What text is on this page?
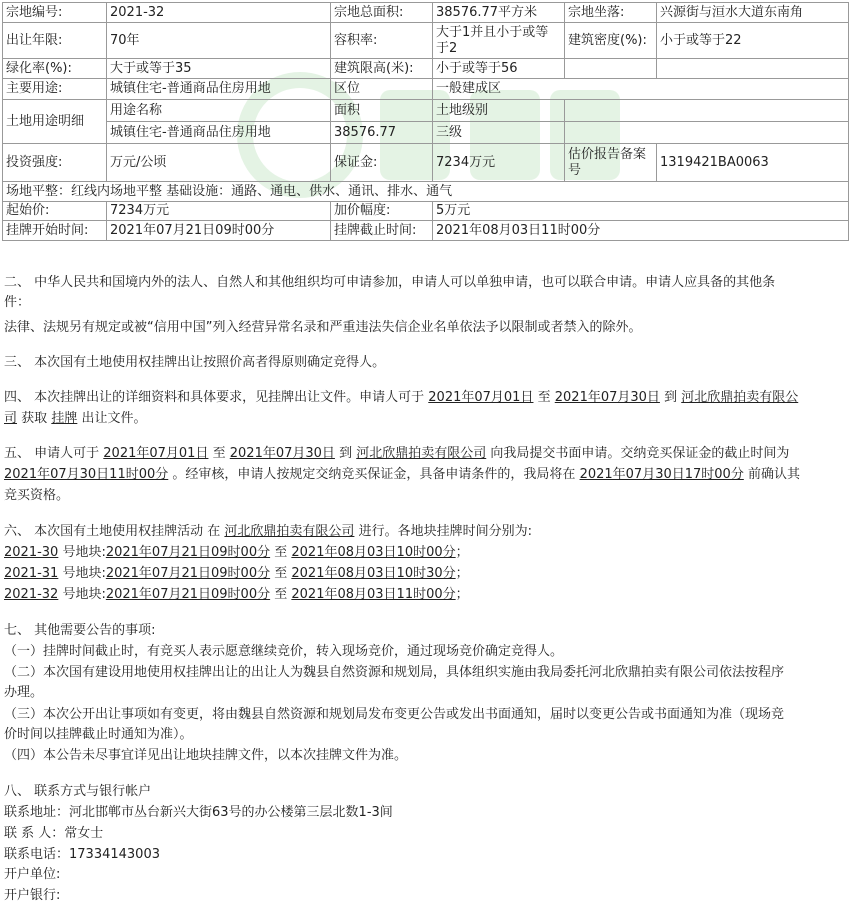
宗地编号:	2021-32	宗地总面积:	38576.77平方米	宗地坐落:	兴源街与洹水大道东南角
出让年限:	70年	容积率:	大于1并且小于或等于2	建筑密度(%):	小于或等于22
绿化率(%):	大于或等于35	建筑限高(米):	小于或等于56		
主要用途:	城镇住宅-普通商品住房用地	区位	一般建成区		
土地用途明细	用途名称	面积	土地级别		
	城镇住宅-普通商品住房用地	38576.77	三级		
投资强度:	万元/公顷	保证金:	7234万元	估价报告备案号	1319421BA0063
场地平整：红线内场地平整 基础设施：通路、通电、供水、通讯、排水、通气					
起始价:	7234万元	加价幅度:	5万元		
挂牌开始时间:	2021年07月21日09时00分	挂牌截止时间:	2021年08月03日11时00分		
二、 中华人民共和国境内外的法人、自然人和其他组织均可申请参加，申请人可以单独申请，也可以联合申请。申请人应具备的其他条
件：
法律、法规另有规定或被“信用中国”列入经营异常名录和严重违法失信企业名单依法予以限制或者禁入的除外。
三、 本次国有土地使用权挂牌出让按照价高者得原则确定竞得人。
四、 本次挂牌出让的详细资料和具体要求，见挂牌出让文件。申请人可于 2021年07月01日 至 2021年07月30日 到 河北欣鼎拍卖有限公
司 获取 挂牌 出让文件。
五、 申请人可于 2021年07月01日 至 2021年07月30日 到 河北欣鼎拍卖有限公司 向我局提交书面申请。交纳竞买保证金的截止时间为
2021年07月30日11时00分 。经审核，申请人按规定交纳竞买保证金，具备申请条件的，我局将在 2021年07月30日17时00分 前确认其
竞买资格。
六、 本次国有土地使用权挂牌活动 在 河北欣鼎拍卖有限公司 进行。各地块挂牌时间分别为:
2021-30 号地块:2021年07月21日09时00分 至 2021年08月03日10时00分；
2021-31 号地块:2021年07月21日09时00分 至 2021年08月03日10时30分；
2021-32 号地块:2021年07月21日09时00分 至 2021年08月03日11时00分；
七、 其他需要公告的事项:
（一）挂牌时间截止时，有竞买人表示愿意继续竞价，转入现场竞价，通过现场竞价确定竞得人。
（二）本次国有建设用地使用权挂牌出让的出让人为魏县自然资源和规划局，具体组织实施由我局委托河北欣鼎拍卖有限公司依法按程序
办理。
（三）本次公开出让事项如有变更，将由魏县自然资源和规划局发布变更公告或发出书面通知，届时以变更公告或书面通知为准（现场竞
价时间以挂牌截止时通知为准）。
（四）本公告未尽事宜详见出让地块挂牌文件，以本次挂牌文件为准。
八、 联系方式与银行帐户
联系地址：河北邯郸市丛台新兴大街63号的办公楼第三层北数1-3间
联 系 人：常女士
联系电话：17334143003
开户单位:
开户银行:
